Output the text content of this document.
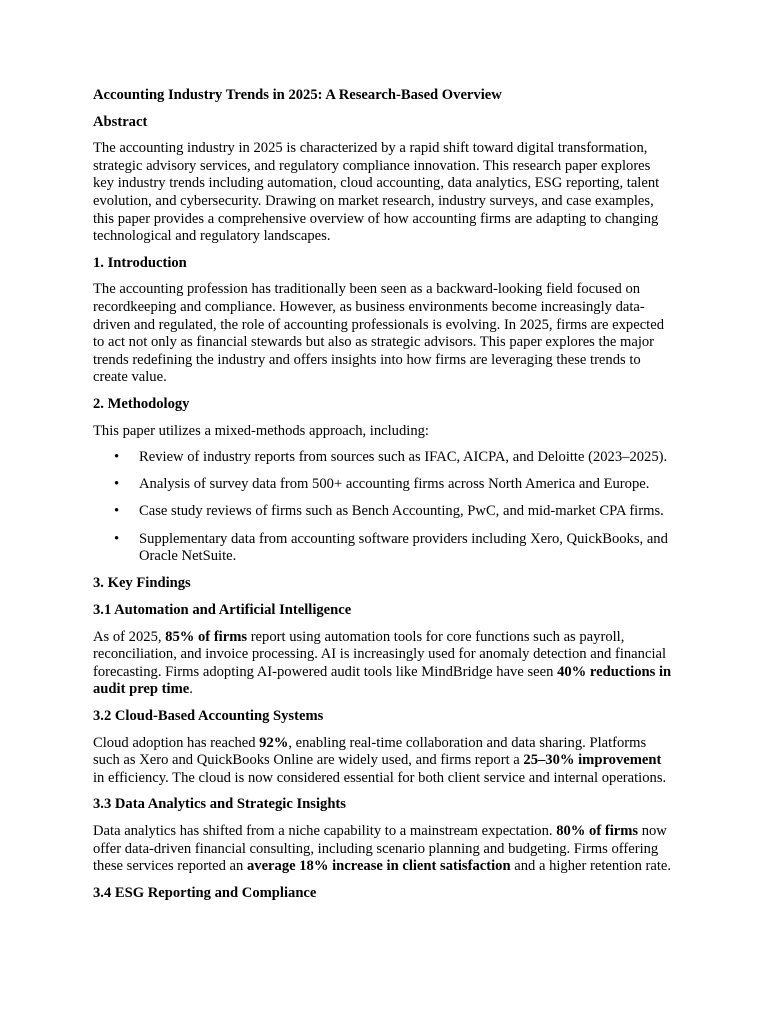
Accounting Industry Trends in 2025: A Research-Based Overview
Abstract

The accounting industry in 2025 is characterized by a rapid shift toward digital transformation, strategic advisory services, and regulatory compliance innovation. This research paper explores key industry trends including automation, cloud accounting, data analytics, ESG reporting, talent evolution, and cybersecurity. Drawing on market research, industry surveys, and case examples, this paper provides a comprehensive overview of how accounting firms are adapting to changing technological and regulatory landscapes.

1. Introduction

The accounting profession has traditionally been seen as a backward-looking field focused on recordkeeping and compliance. However, as business environments become increasingly data-driven and regulated, the role of accounting professionals is evolving. In 2025, firms are expected to act not only as financial stewards but also as strategic advisors. This paper explores the major trends redefining the industry and offers insights into how firms are leveraging these trends to create value.

2. Methodology

This paper utilizes a mixed-methods approach, including:

• Review of industry reports from sources such as IFAC, AICPA, and Deloitte (2023–2025).
• Analysis of survey data from 500+ accounting firms across North America and Europe.
• Case study reviews of firms such as Bench Accounting, PwC, and mid-market CPA firms.
• Supplementary data from accounting software providers including Xero, QuickBooks, and Oracle NetSuite.
3. Key Findings
3.1 Automation and Artificial Intelligence

As of 2025, 85% of firms report using automation tools for core functions such as payroll, reconciliation, and invoice processing. AI is increasingly used for anomaly detection and financial forecasting. Firms adopting AI-powered audit tools like MindBridge have seen 40% reductions in audit prep time.

3.2 Cloud-Based Accounting Systems

Cloud adoption has reached 92%, enabling real-time collaboration and data sharing. Platforms such as Xero and QuickBooks Online are widely used, and firms report a 25–30% improvement in efficiency. The cloud is now considered essential for both client service and internal operations.

3.3 Data Analytics and Strategic Insights

Data analytics has shifted from a niche capability to a mainstream expectation. 80% of firms now offer data-driven financial consulting, including scenario planning and budgeting. Firms offering these services reported an average 18% increase in client satisfaction and a higher retention rate.

3.4 ESG Reporting and Compliance
